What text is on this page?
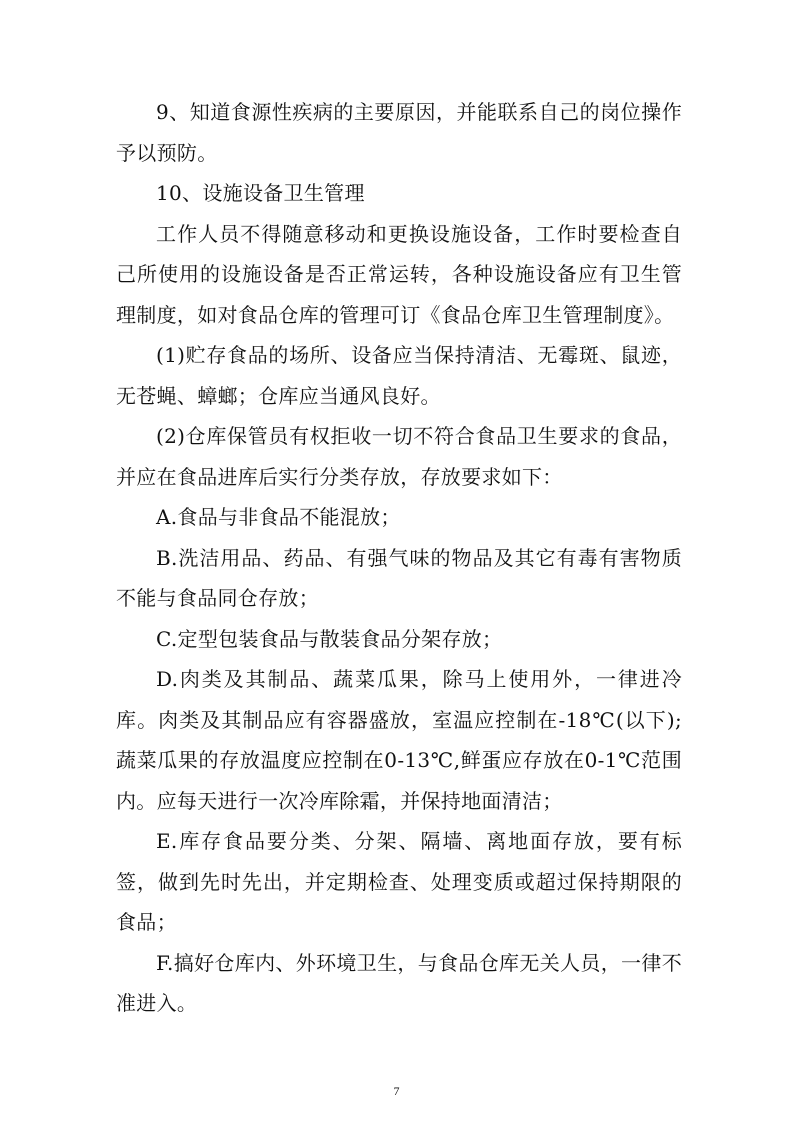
9、知道食源性疾病的主要原因，并能联系自己的岗位操作予以预防。

10、设施设备卫生管理

工作人员不得随意移动和更换设施设备，工作时要检查自己所使用的设施设备是否正常运转，各种设施设备应有卫生管理制度，如对食品仓库的管理可订《食品仓库卫生管理制度》。

(1)贮存食品的场所、设备应当保持清洁、无霉斑、鼠迹，无苍蝇、蟑螂；仓库应当通风良好。

(2)仓库保管员有权拒收一切不符合食品卫生要求的食品，并应在食品进库后实行分类存放，存放要求如下：

A.食品与非食品不能混放；

B.洗洁用品、药品、有强气味的物品及其它有毒有害物质不能与食品同仓存放；

C.定型包装食品与散装食品分架存放；

D.肉类及其制品、蔬菜瓜果，除马上使用外，一律进冷库。肉类及其制品应有容器盛放，室温应控制在-18℃(以下);蔬菜瓜果的存放温度应控制在0-13℃,鲜蛋应存放在0-1℃范围内。应每天进行一次冷库除霜，并保持地面清洁；

E.库存食品要分类、分架、隔墙、离地面存放，要有标签，做到先时先出，并定期检查、处理变质或超过保持期限的食品；

F.搞好仓库内、外环境卫生，与食品仓库无关人员，一律不准进入。

7
